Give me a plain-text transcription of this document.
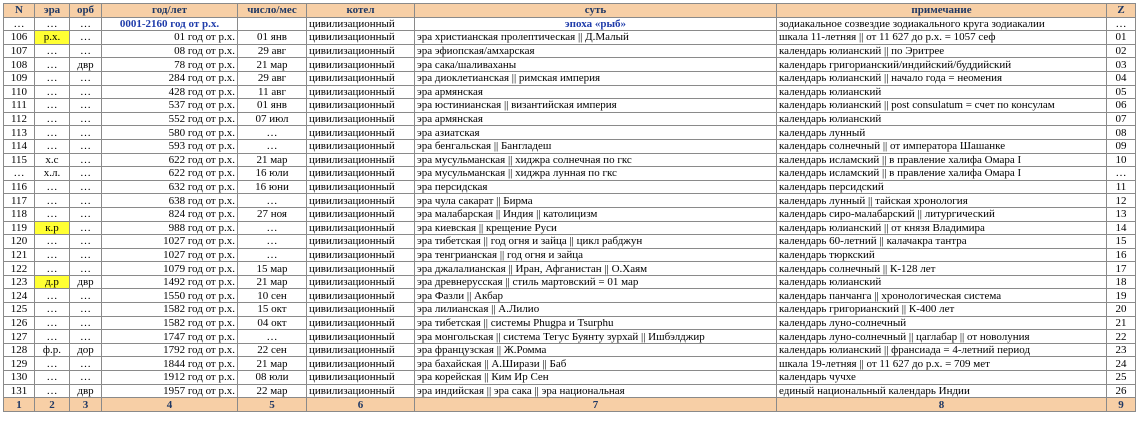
N	эра	орб	год/лет	число/мес	котел	суть	примечание	Z
…	…	…	0001-2160 год от р.х.		цивилизационный	эпоха «рыб»	зодиакальное созвездие зодиакального круга зодиакалии	…
106	р.х.	…	01 год от р.х.	01 янв	цивилизационный	эра христианская пролептическая || Д.Малый	шкала 11-летняя || от 11 627 до р.х. = 1057 сеф	01
107	…	…	08 год от р.х.	29 авг	цивилизационный	эра эфиопская/амхарская	календарь юлианский || по Эритрее	02
108	…	двр	78 год от р.х.	21 мар	цивилизационный	эра сака/шаливаханы	календарь григорианский/индийский/буддийский	03
109	…	…	284 год от р.х.	29 авг	цивилизационный	эра диоклетианская || римская империя	календарь юлианский || начало года = неомения	04
110	…	…	428 год от р.х.	11 авг	цивилизационный	эра армянская	календарь юлианский	05
111	…	…	537 год от р.х.	01 янв	цивилизационный	эра юстинианская || византийская империя	календарь юлианский || post consulatum = счет по консулам	06
112	…	…	552 год от р.х.	07 июл	цивилизационный	эра армянская	календарь юлианский	07
113	…	…	580 год от р.х.	…	цивилизационный	эра азиатская	календарь лунный	08
114	…	…	593 год от р.х.	…	цивилизационный	эра бенгальская || Бангладеш	календарь солнечный || от императора Шашанке	09
115	х.с	…	622 год от р.х.	21 мар	цивилизационный	эра мусульманская || хиджра солнечная по гкс	календарь исламский || в правление халифа Омара I	10
…	х.л.	…	622 год от р.х.	16 юли	цивилизационный	эра мусульманская || хиджра лунная по гкс	календарь исламский || в правление халифа Омара I	…
116	…	…	632 год от р.х.	16 юни	цивилизационный	эра персидская	календарь персидский	11
117	…	…	638 год от р.х.	…	цивилизационный	эра чула сакарат || Бирма	календарь лунный || тайская хронология	12
118	…	…	824 год от р.х.	27 ноя	цивилизационный	эра малабарская || Индия || католицизм	календарь сиро-малабарский || литургический	13
119	к.р	…	988 год от р.х.	…	цивилизационный	эра киевская || крещение Руси	календарь юлианский || от князя Владимира	14
120	…	…	1027 год от р.х.	…	цивилизационный	эра тибетская || год огня и зайца || цикл рабджун	календарь 60-летний || калачакра тантра	15
121	…	…	1027 год от р.х.	…	цивилизационный	эра тенгрианская || год огня и зайца	календарь тюркский	16
122	…	…	1079 год от р.х.	15 мар	цивилизационный	эра джалалианская || Иран, Афганистан || О.Хаям	календарь солнечный || К-128 лет	17
123	д.р	двр	1492 год от р.х.	21 мар	цивилизационный	эра древнерусская || стиль мартовский = 01 мар	календарь юлианский	18
124	…	…	1550 год от р.х.	10 сен	цивилизационный	эра Фазли || Акбар	календарь панчанга || хронологическая система	19
125	…	…	1582 год от р.х.	15 окт	цивилизационный	эра лилианская || А.Лилио	календарь григорианский || К-400 лет	20
126	…	…	1582 год от р.х.	04 окт	цивилизационный	эра тибетская || системы Phugpa и Tsurphu	календарь луно-солнечный	21
127	…	…	1747 год от р.х.	…	цивилизационный	эра монгольская || система Тегус Буянту зурхай || Ишбэлджир	календарь луно-солнечный || цаглабар || от новолуния	22
128	ф.р.	дор	1792 год от р.х.	22 сен	цивилизационный	эра французская || Ж.Ромма	календарь юлианский || франсиада = 4-летний период	23
129	…	…	1844 год от р.х.	21 мар	цивилизационный	эра бахайская || А.Ширази || Баб	шкала 19-летняя || от 11 627 до р.х. = 709 мет	24
130	…	…	1912 год от р.х.	08 юли	цивилизационный	эра корейская || Ким Ир Сен	календарь чучхе	25
131	…	двр	1957 год от р.х.	22 мар	цивилизационный	эра индийская || эра сака || эра национальная	единый национальный календарь Индии	26
1	2	3	4	5	6	7	8	9
